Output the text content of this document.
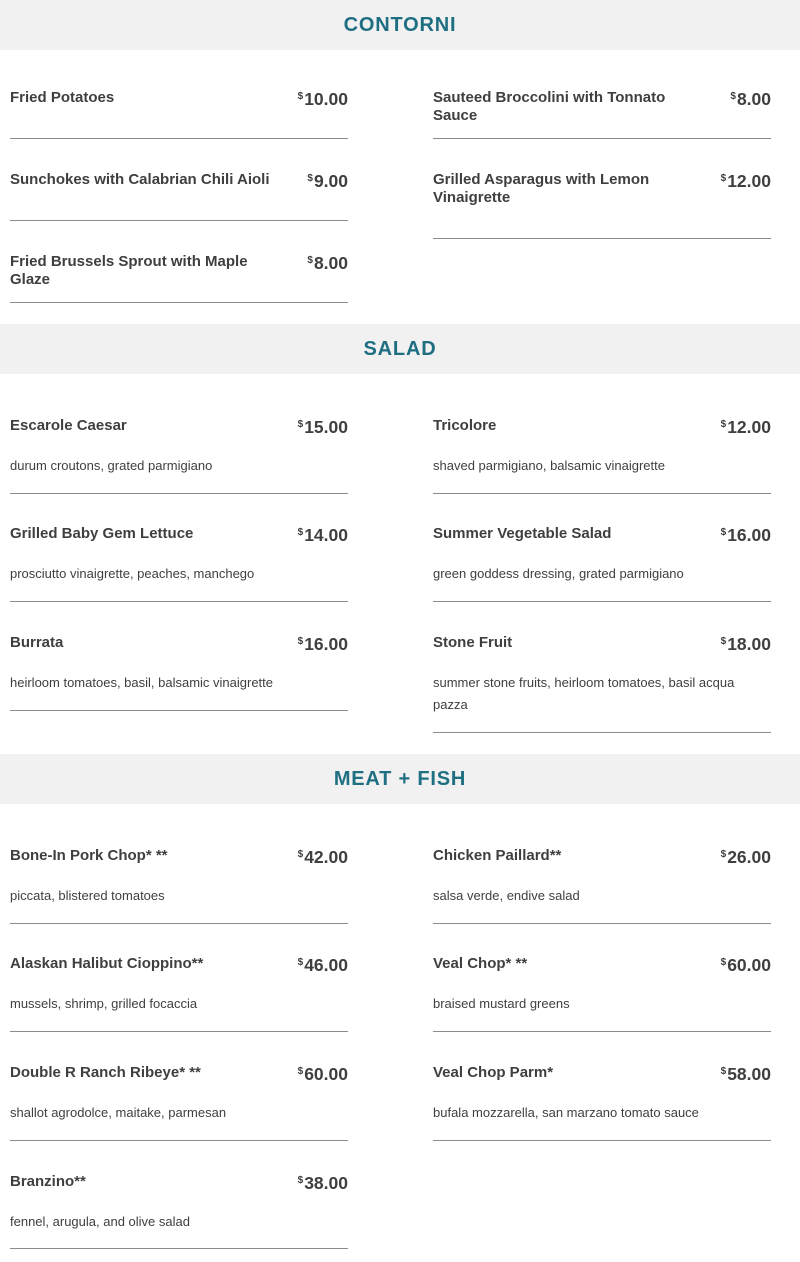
CONTORNI
Fried Potatoes	$10.00
Sunchokes with Calabrian Chili Aioli	$9.00
Fried Brussels Sprout with Maple Glaze
$8.00
Sauteed Broccolini with Tonnato Sauce
$8.00
Grilled Asparagus with Lemon Vinaigrette
$12.00
SALAD
Escarole Caesar	$15.00
durum croutons, grated parmigiano
Grilled Baby Gem Lettuce	$14.00
prosciutto vinaigrette, peaches, manchego
Burrata	$16.00
heirloom tomatoes, basil, balsamic vinaigrette
Tricolore	$12.00
shaved parmigiano, balsamic vinaigrette
Summer Vegetable Salad	$16.00
green goddess dressing, grated parmigiano
Stone Fruit	$18.00
summer stone fruits, heirloom tomatoes, basil acqua pazza
MEAT + FISH
Bone-In Pork Chop* **	$42.00
piccata, blistered tomatoes
Alaskan Halibut Cioppino**	$46.00
mussels, shrimp, grilled focaccia
Double R Ranch Ribeye* **	$60.00
shallot agrodolce, maitake, parmesan
Branzino**	$38.00
fennel, arugula, and olive salad
Chicken Paillard**	$26.00
salsa verde, endive salad
Veal Chop* **	$60.00
braised mustard greens
Veal Chop Parm*	$58.00
bufala mozzarella, san marzano tomato sauce
